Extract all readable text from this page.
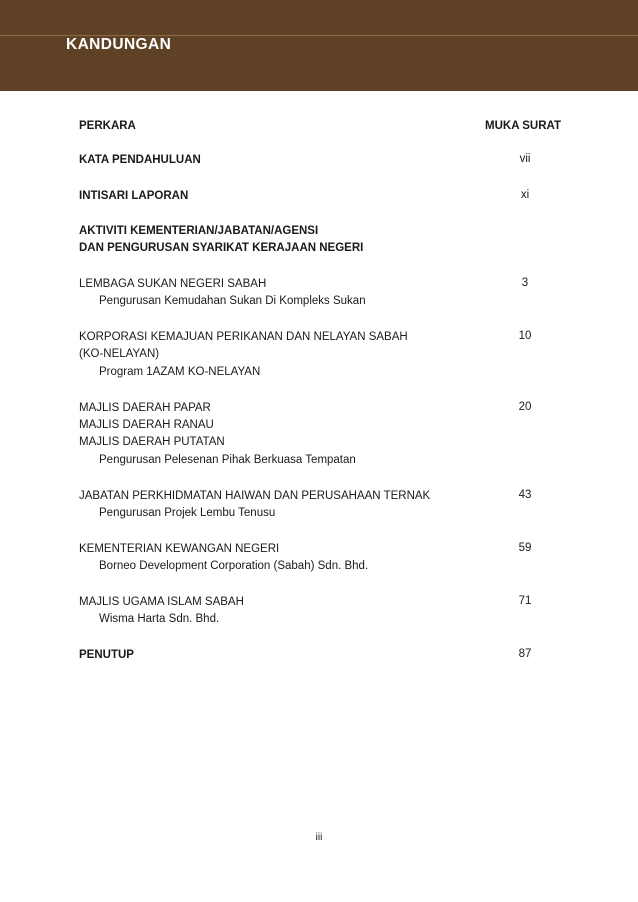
KANDUNGAN
PERKARA	MUKA SURAT
KATA PENDAHULUAN	vii
INTISARI LAPORAN	xi
AKTIVITI KEMENTERIAN/JABATAN/AGENSI
DAN PENGURUSAN SYARIKAT KERAJAAN NEGERI
LEMBAGA SUKAN NEGERI SABAH	3
Pengurusan Kemudahan Sukan Di Kompleks Sukan
KORPORASI KEMAJUAN PERIKANAN DAN NELAYAN SABAH	10
(KO-NELAYAN)
Program 1AZAM KO-NELAYAN
MAJLIS DAERAH PAPAR	20
MAJLIS DAERAH RANAU
MAJLIS DAERAH PUTATAN
Pengurusan Pelesenan Pihak Berkuasa Tempatan
JABATAN PERKHIDMATAN HAIWAN DAN PERUSAHAAN TERNAK	43
Pengurusan Projek Lembu Tenusu
KEMENTERIAN KEWANGAN NEGERI	59
Borneo Development Corporation (Sabah) Sdn. Bhd.
MAJLIS UGAMA ISLAM SABAH	71
Wisma Harta Sdn. Bhd.
PENUTUP	87
iii
